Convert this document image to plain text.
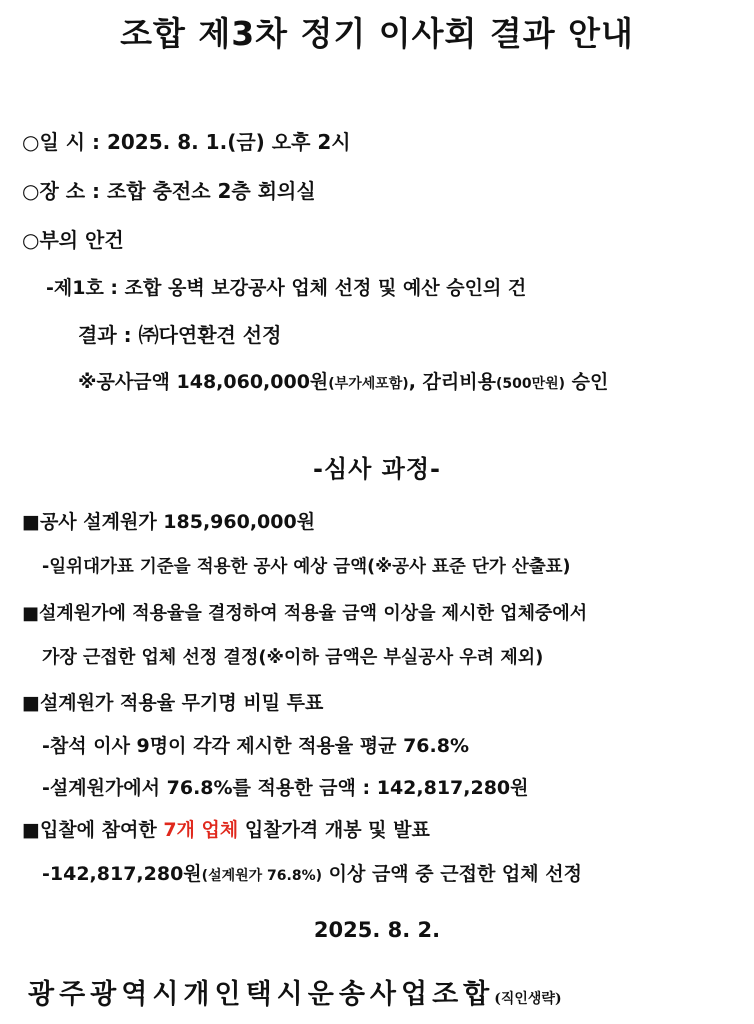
조합 제3차 정기 이사회 결과 안내
○일 시 : 2025. 8. 1.(금) 오후 2시
○장 소 : 조합 충전소 2층 회의실
○부의 안건
-제1호 : 조합 옹벽 보강공사 업체 선정 및 예산 승인의 건
결과 : ㈜다연환견 선정
※공사금액 148,060,000원(부가세포함), 감리비용(500만원) 승인
-심사 과정-
■공사 설계원가 185,960,000원
-일위대가표 기준을 적용한 공사 예상 금액(※공사 표준 단가 산출표)
■설계원가에 적용율을 결정하여 적용율 금액 이상을 제시한 업체중에서
가장 근접한 업체 선정 결정(※이하 금액은 부실공사 우려 제외)
■설계원가 적용율 무기명 비밀 투표
-참석 이사 9명이 각각 제시한 적용율 평균 76.8%
-설계원가에서 76.8%를 적용한 금액 : 142,817,280원
■입찰에 참여한 7개 업체 입찰가격 개봉 및 발표
-142,817,280원(설계원가 76.8%) 이상 금액 중 근접한 업체 선정
2025. 8. 2.
광주광역시개인택시운송사업조합(직인생략)
